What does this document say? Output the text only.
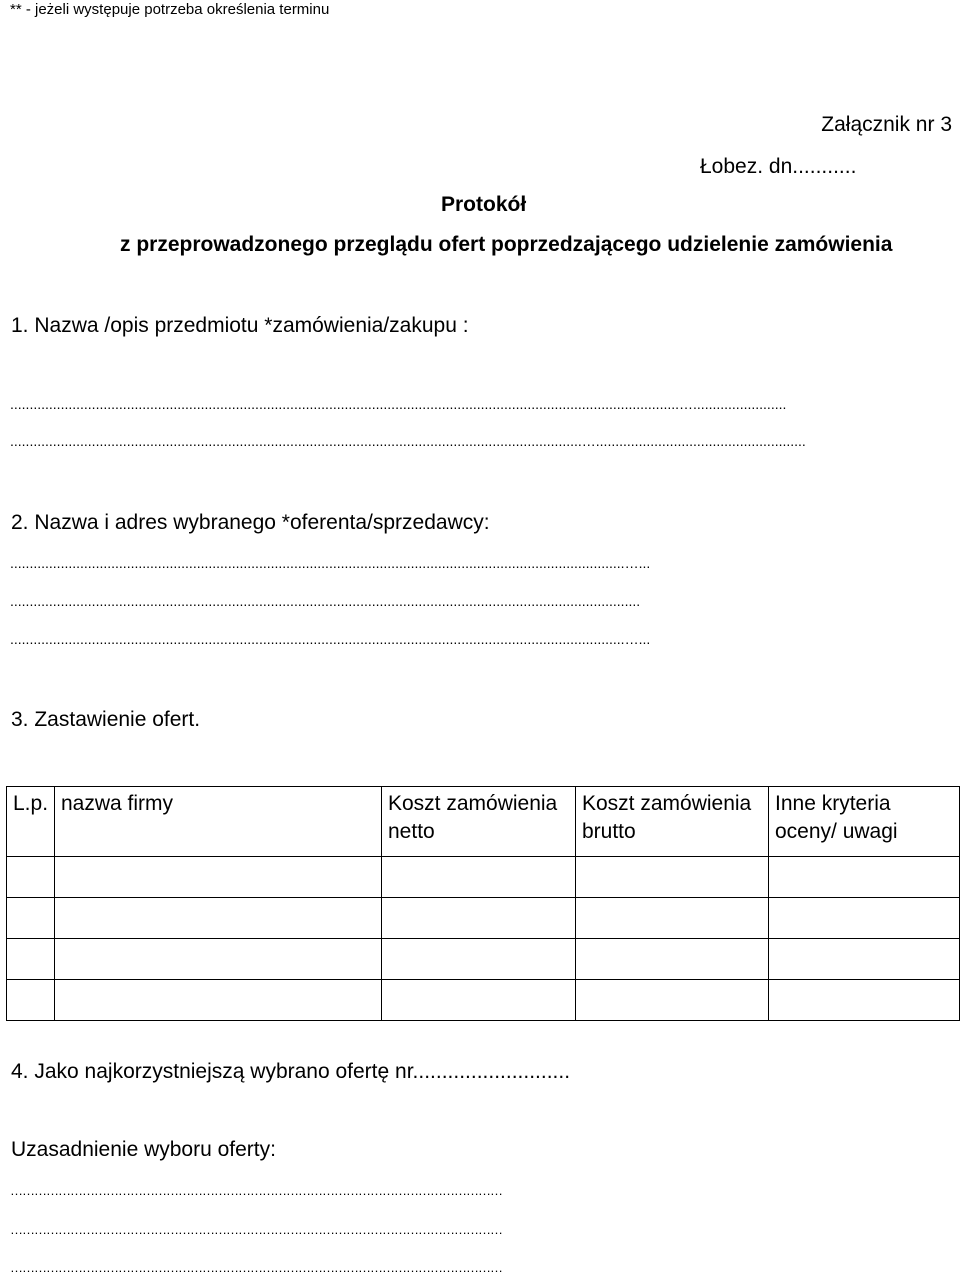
** - jeżeli występuje potrzeba określenia terminu
Załącznik nr 3
Łobez. dn...........
Protokół
z przeprowadzonego przeglądu ofert poprzedzającego udzielenie zamówienia
1. Nazwa /opis przedmiotu *zamówienia/zakupu :
............................................................................................................................................................................…........................
...................................................................................................................................................…......................................................
2. Nazwa i adres wybranego *oferenta/sprzedawcy:
..............................................................................................................................................................…...
..................................................................................................................................................................
..............................................................................................................................................................…...
3. Zastawienie ofert.
L.p.	nazwa firmy	Koszt zamówienia netto	Koszt zamówienia brutto	Inne kryteria oceny/ uwagi

4. Jako najkorzystniejszą wybrano ofertę nr...........................
Uzasadnienie wyboru oferty:
……………………………………………………………………………………………………………
……………………………………………………………………………………………………………
……………………………………………………………………………………………………………
